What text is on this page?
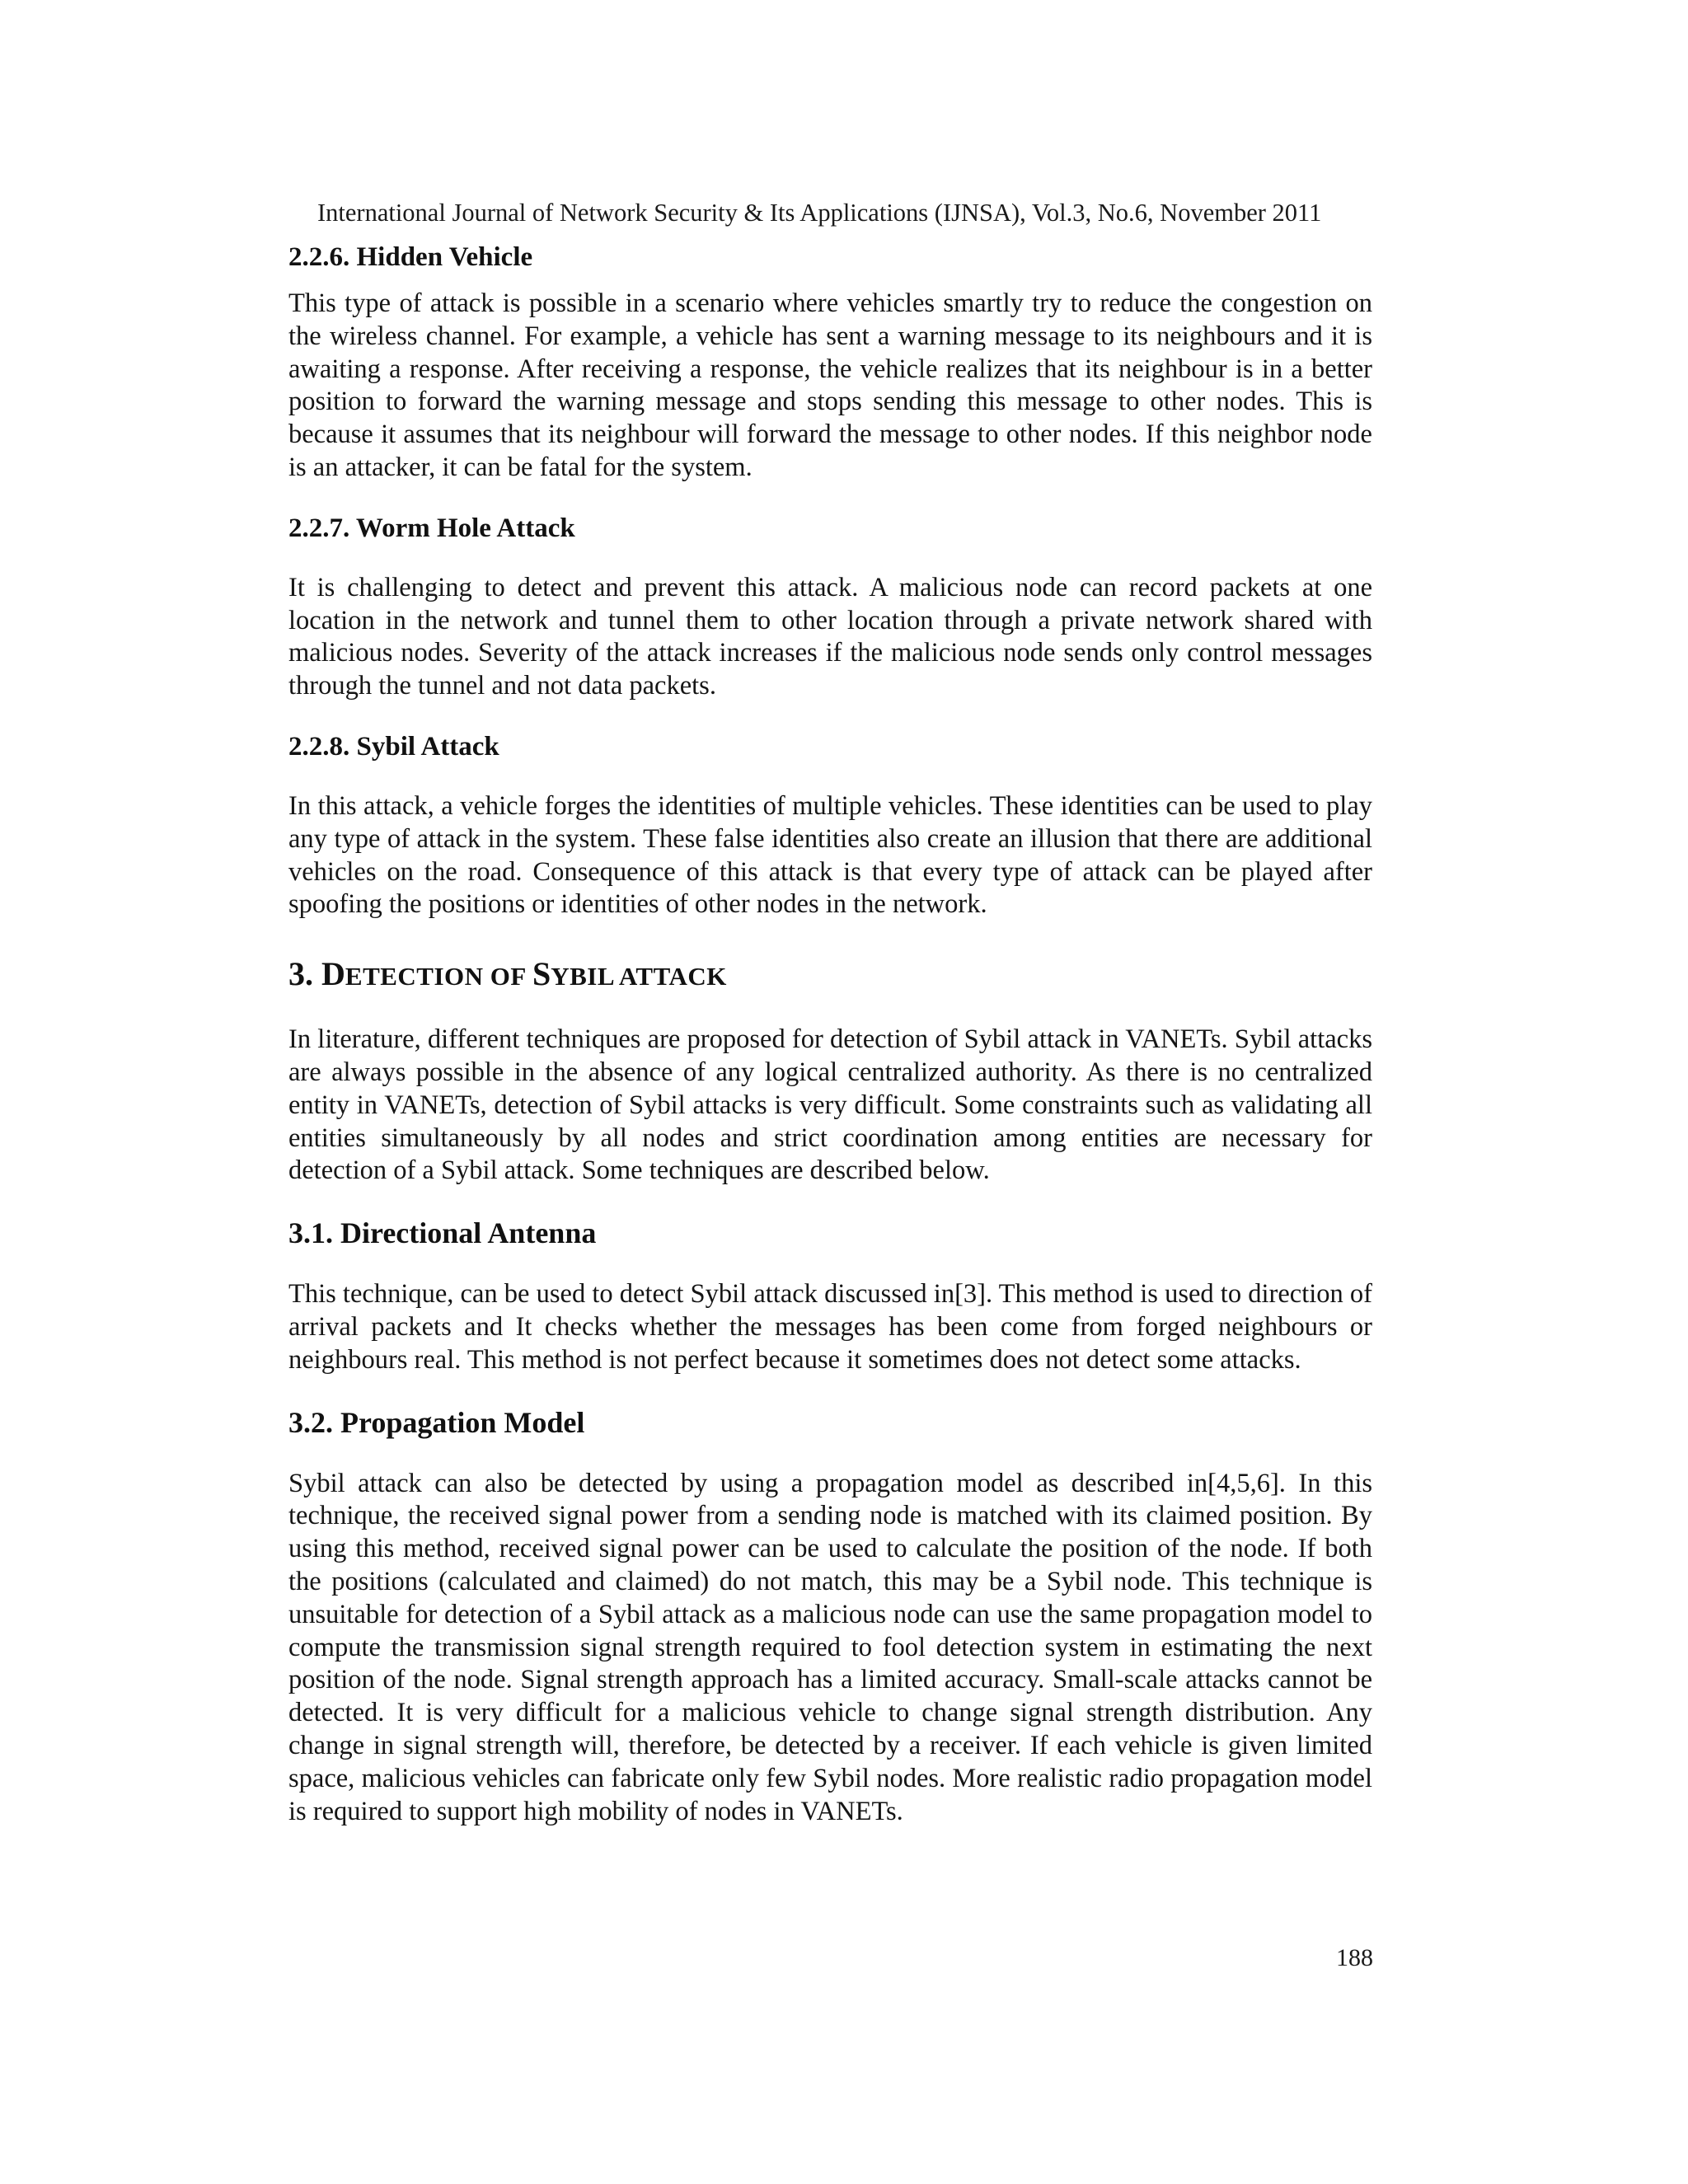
International Journal of Network Security & Its Applications (IJNSA), Vol.3, No.6, November 2011
2.2.6. Hidden Vehicle

This type of attack is possible in a scenario where vehicles smartly try to reduce the congestion on the wireless channel. For example, a vehicle has sent a warning message to its neighbours and it is awaiting a response. After receiving a response, the vehicle realizes that its neighbour is in a better position to forward the warning message and stops sending this message to other nodes. This is because it assumes that its neighbour will forward the message to other nodes. If this neighbor node is an attacker, it can be fatal for the system.

2.2.7. Worm Hole Attack

It is challenging to detect and prevent this attack. A malicious node can record packets at one location in the network and tunnel them to other location through a private network shared with malicious nodes. Severity of the attack increases if the malicious node sends only control messages through the tunnel and not data packets.

2.2.8. Sybil Attack

In this attack, a vehicle forges the identities of multiple vehicles. These identities can be used to play any type of attack in the system. These false identities also create an illusion that there are additional vehicles on the road. Consequence of this attack is that every type of attack can be played after spoofing the positions or identities of other nodes in the network.

3. DETECTION OF SYBIL ATTACK

In literature, different techniques are proposed for detection of Sybil attack in VANETs. Sybil attacks are always possible in the absence of any logical centralized authority. As there is no centralized entity in VANETs, detection of Sybil attacks is very difficult. Some constraints such as validating all entities simultaneously by all nodes and strict coordination among entities are necessary for detection of a Sybil attack. Some techniques are described below.

3.1. Directional Antenna

This technique, can be used to detect Sybil attack discussed in[3]. This method is used to direction of arrival packets and It checks whether the messages has been come from forged neighbours or neighbours real. This method is not perfect because it sometimes does not detect some attacks.

3.2. Propagation Model

Sybil attack can also be detected by using a propagation model as described in[4,5,6]. In this technique, the received signal power from a sending node is matched with its claimed position. By using this method, received signal power can be used to calculate the position of the node. If both the positions (calculated and claimed) do not match, this may be a Sybil node. This technique is unsuitable for detection of a Sybil attack as a malicious node can use the same propagation model to compute the transmission signal strength required to fool detection system in estimating the next position of the node. Signal strength approach has a limited accuracy. Small-scale attacks cannot be detected. It is very difficult for a malicious vehicle to change signal strength distribution. Any change in signal strength will, therefore, be detected by a receiver. If each vehicle is given limited space, malicious vehicles can fabricate only few Sybil nodes. More realistic radio propagation model is required to support high mobility of nodes in VANETs.

188
